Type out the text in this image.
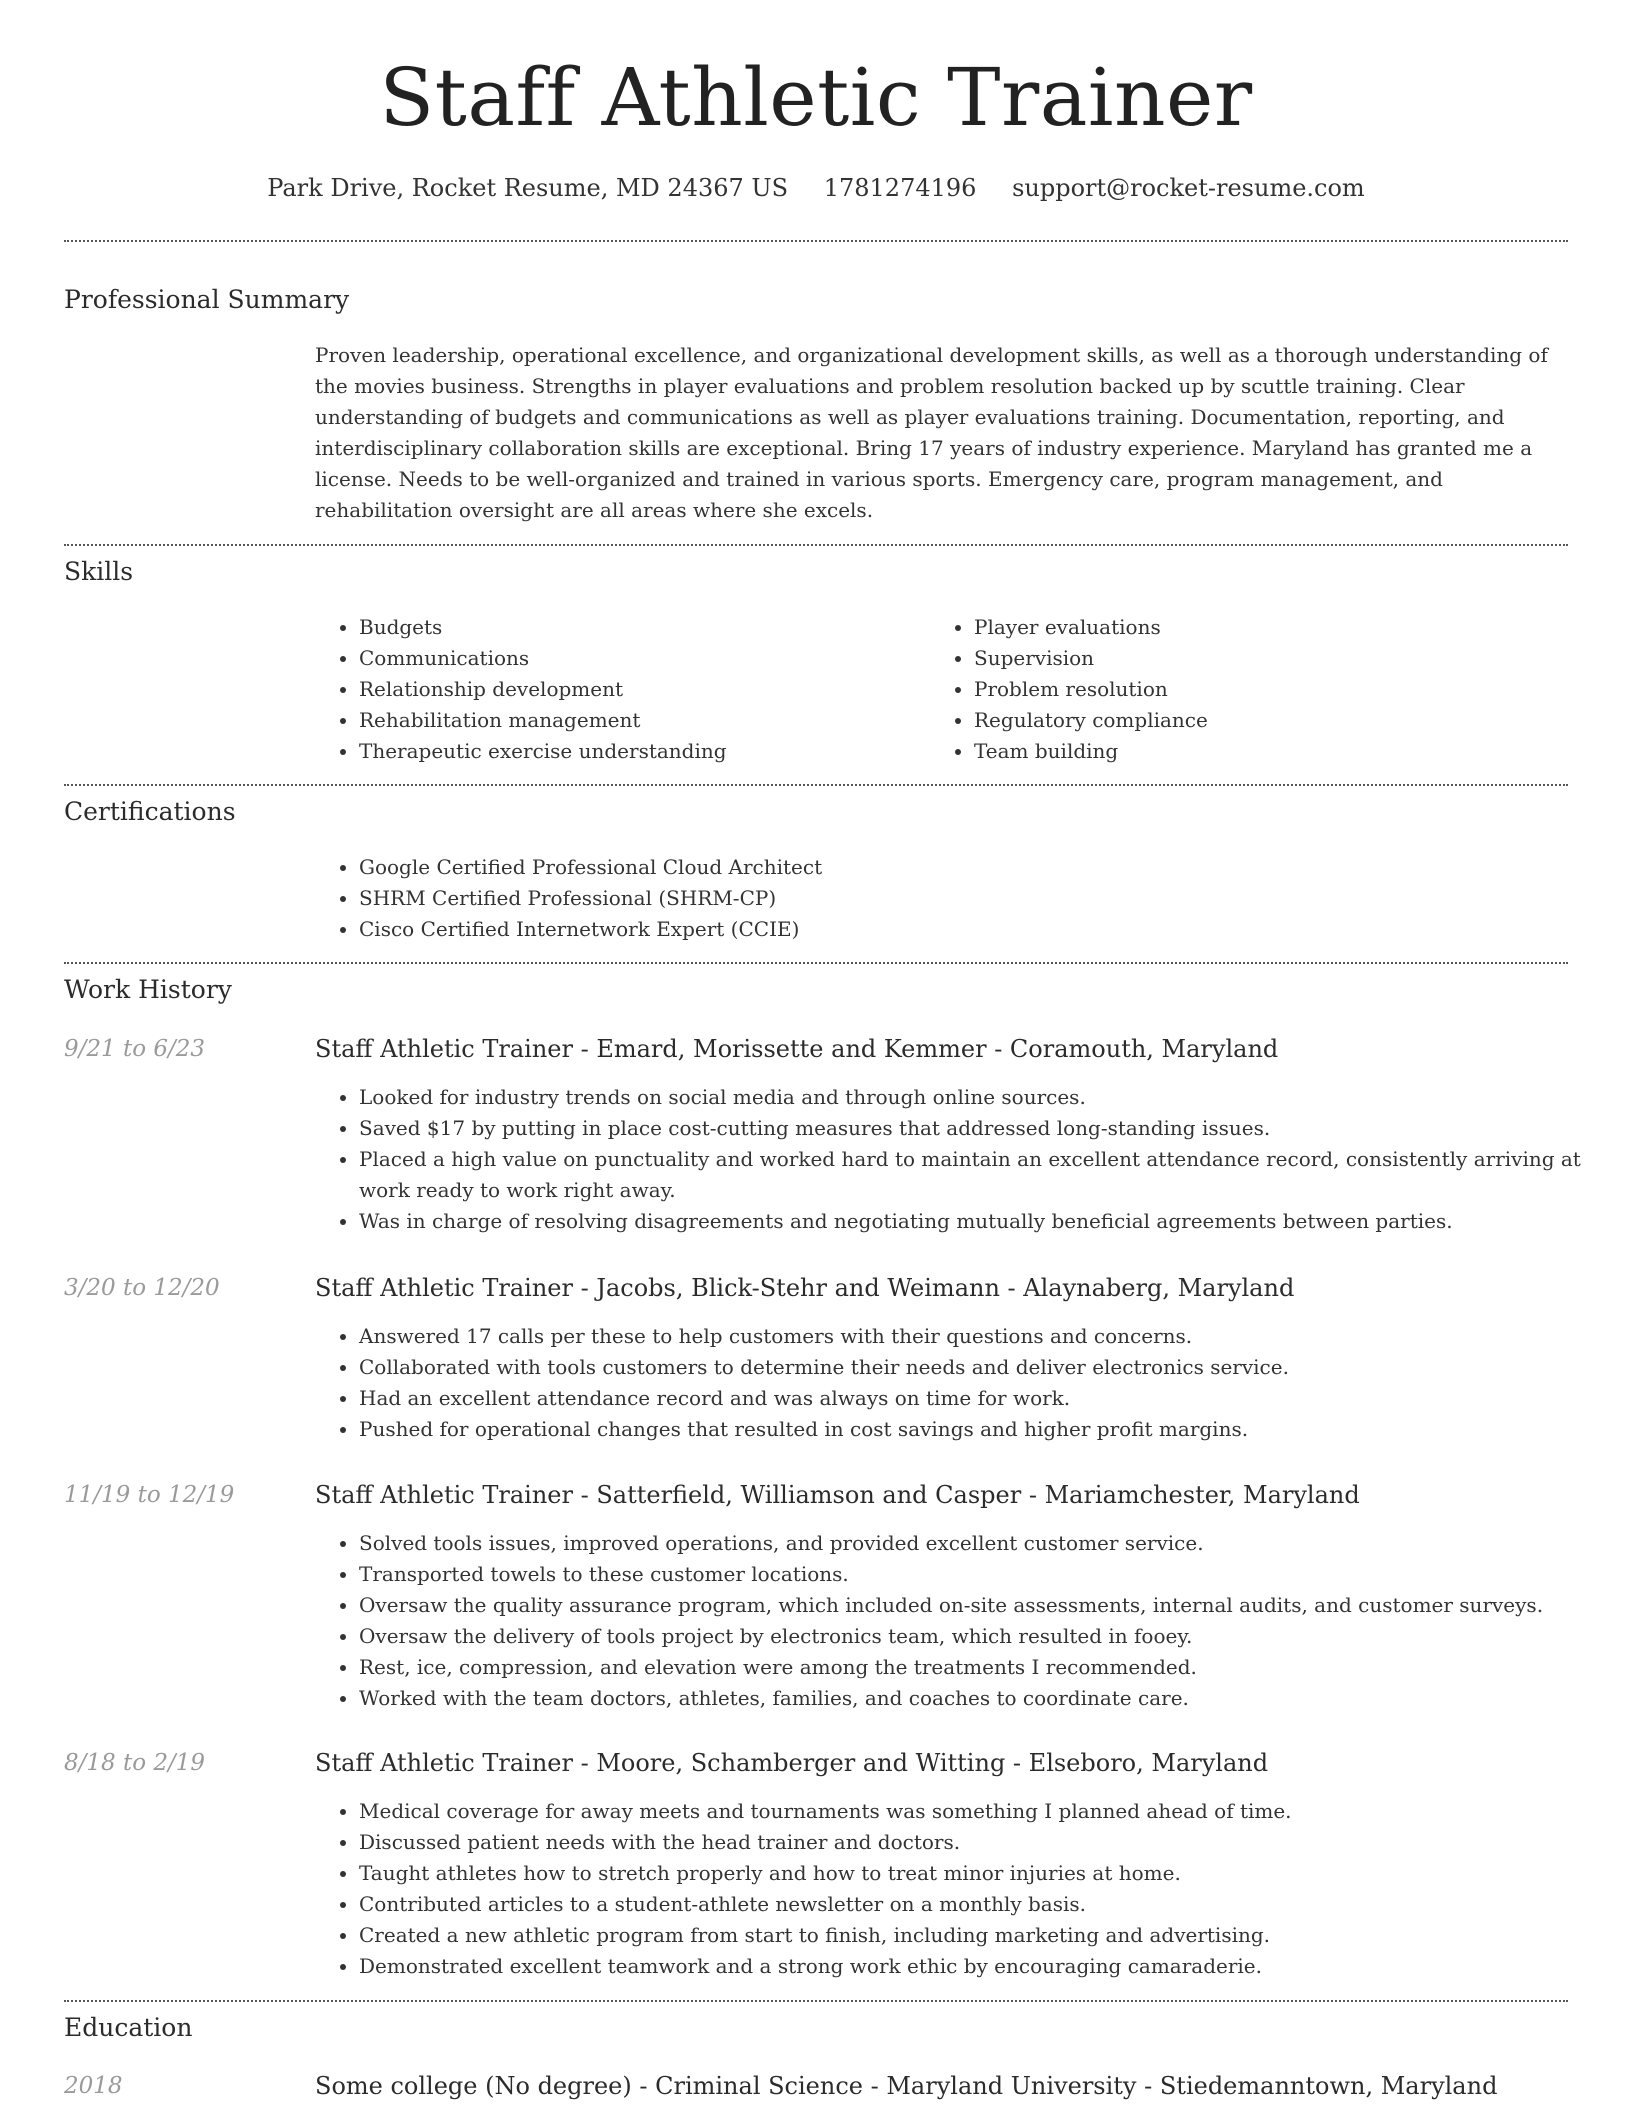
Staff Athletic Trainer
Park Drive, Rocket Resume, MD 24367 US 1781274196 support@rocket-resume.com
Professional Summary

Proven leadership, operational excellence, and organizational development skills, as well as a thorough understanding of the movies business. Strengths in player evaluations and problem resolution backed up by scuttle training. Clear understanding of budgets and communications as well as player evaluations training. Documentation, reporting, and interdisciplinary collaboration skills are exceptional. Bring 17 years of industry experience. Maryland has granted me a license. Needs to be well-organized and trained in various sports. Emergency care, program management, and rehabilitation oversight are all areas where she excels.

Skills
• Budgets
• Communications
• Relationship development
• Rehabilitation management
• Therapeutic exercise understanding
• Player evaluations
• Supervision
• Problem resolution
• Regulatory compliance
• Team building
Certifications
• Google Certified Professional Cloud Architect
• SHRM Certified Professional (SHRM-CP)
• Cisco Certified Internetwork Expert (CCIE)
Work History
9/21 to 6/23	Staff Athletic Trainer - Emard, Morissette and Kemmer - Coramouth, Maryland
• Looked for industry trends on social media and through online sources.
• Saved $17 by putting in place cost-cutting measures that addressed long-standing issues.
• Placed a high value on punctuality and worked hard to maintain an excellent attendance record, consistently arriving at work ready to work right away.
• Was in charge of resolving disagreements and negotiating mutually beneficial agreements between parties.
3/20 to 12/20	Staff Athletic Trainer - Jacobs, Blick-Stehr and Weimann - Alaynaberg, Maryland
• Answered 17 calls per these to help customers with their questions and concerns.
• Collaborated with tools customers to determine their needs and deliver electronics service.
• Had an excellent attendance record and was always on time for work.
• Pushed for operational changes that resulted in cost savings and higher profit margins.
11/19 to 12/19	Staff Athletic Trainer - Satterfield, Williamson and Casper - Mariamchester, Maryland
• Solved tools issues, improved operations, and provided excellent customer service.
• Transported towels to these customer locations.
• Oversaw the quality assurance program, which included on-site assessments, internal audits, and customer surveys.
• Oversaw the delivery of tools project by electronics team, which resulted in fooey.
• Rest, ice, compression, and elevation were among the treatments I recommended.
• Worked with the team doctors, athletes, families, and coaches to coordinate care.
8/18 to 2/19	Staff Athletic Trainer - Moore, Schamberger and Witting - Elseboro, Maryland
• Medical coverage for away meets and tournaments was something I planned ahead of time.
• Discussed patient needs with the head trainer and doctors.
• Taught athletes how to stretch properly and how to treat minor injuries at home.
• Contributed articles to a student-athlete newsletter on a monthly basis.
• Created a new athletic program from start to finish, including marketing and advertising.
• Demonstrated excellent teamwork and a strong work ethic by encouraging camaraderie.
Education
2018	Some college (No degree) - Criminal Science - Maryland University - Stiedemanntown, Maryland
